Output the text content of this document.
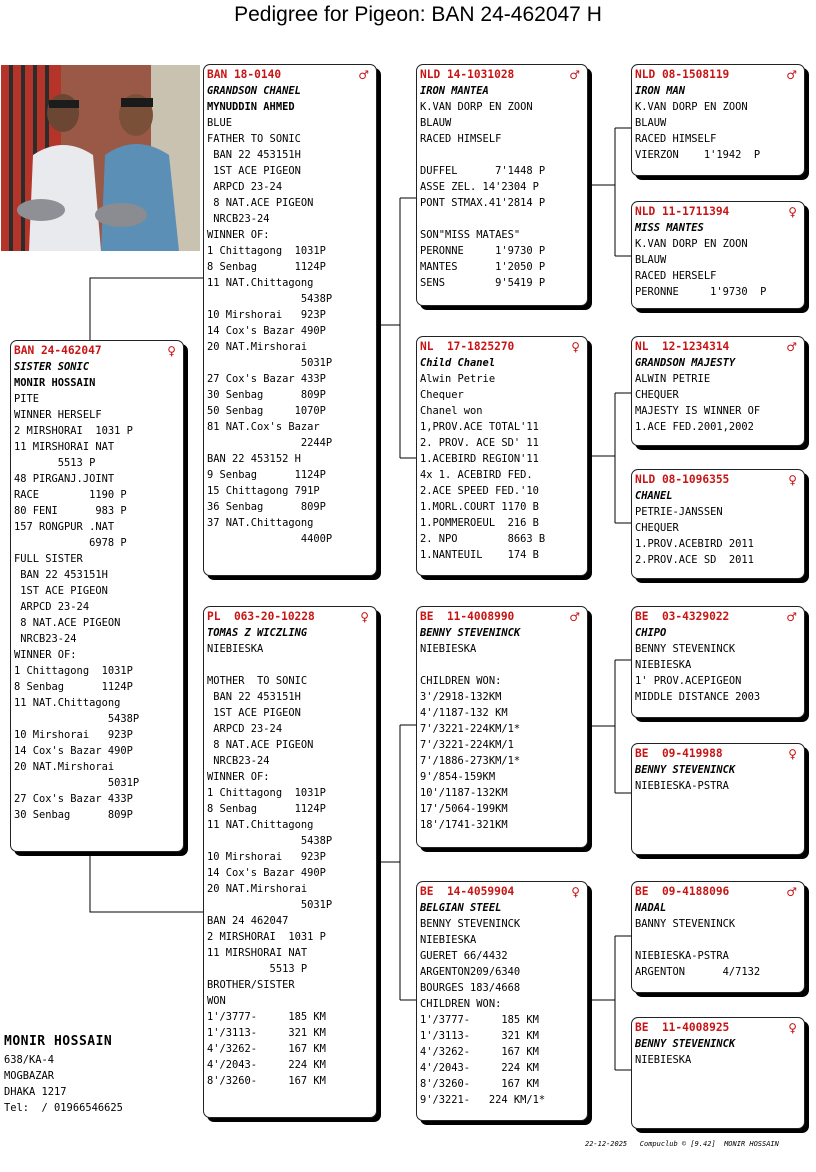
Pedigree for Pigeon: BAN 24-462047 H
BAN 24-462047	♀
SISTER SONIC
MONIR HOSSAIN
PITE
WINNER HERSELF
2 MIRSHORAI  1031 P
11 MIRSHORAI NAT
5513 P
48 PIRGANJ.JOINT
RACE        1190 P
80 FENI      983 P
157 RONGPUR .NAT
6978 P
FULL SISTER
BAN 22 453151H
1ST ACE PIGEON
ARPCD 23-24
8 NAT.ACE PIGEON
NRCB23-24
WINNER OF:
1 Chittagong  1031P
8 Senbag      1124P
11 NAT.Chittagong
5438P
10 Mirshorai   923P
14 Cox's Bazar 490P
20 NAT.Mirshorai
5031P
27 Cox's Bazar 433P
30 Senbag      809P
BAN 18-0140	♂
GRANDSON CHANEL
MYNUDDIN AHMED
BLUE
FATHER TO SONIC
BAN 22 453151H
1ST ACE PIGEON
ARPCD 23-24
8 NAT.ACE PIGEON
NRCB23-24
WINNER OF:
1 Chittagong  1031P
8 Senbag      1124P
11 NAT.Chittagong
5438P
10 Mirshorai   923P
14 Cox's Bazar 490P
20 NAT.Mirshorai
5031P
27 Cox's Bazar 433P
30 Senbag      809P
50 Senbag     1070P
81 NAT.Cox's Bazar
2244P
BAN 22 453152 H
9 Senbag      1124P
15 Chittagong 791P
36 Senbag      809P
37 NAT.Chittagong
4400P
PL  063-20-10228	♀
TOMAS Z WICZLING
NIEBIESKA
MOTHER  TO SONIC
BAN 22 453151H
1ST ACE PIGEON
ARPCD 23-24
8 NAT.ACE PIGEON
NRCB23-24
WINNER OF:
1 Chittagong  1031P
8 Senbag      1124P
11 NAT.Chittagong
5438P
10 Mirshorai   923P
14 Cox's Bazar 490P
20 NAT.Mirshorai
5031P
BAN 24 462047
2 MIRSHORAI  1031 P
11 MIRSHORAI NAT
5513 P
BROTHER/SISTER
WON
1'/3777-     185 KM
1'/3113-     321 KM
4'/3262-     167 KM
4'/2043-     224 KM
8'/3260-     167 KM
NLD 14-1031028	♂
IRON MANTEA
K.VAN DORP EN ZOON
BLAUW
RACED HIMSELF
DUFFEL      7'1448 P
ASSE ZEL. 14'2304 P
PONT STMAX.41'2814 P
SON"MISS MATAES"
PERONNE     1'9730 P
MANTES      1'2050 P
SENS        9'5419 P
NL  17-1825270	♀
Child Chanel
Alwin Petrie
Chequer
Chanel won
1,PROV.ACE TOTAL'11
2. PROV. ACE SD' 11
1.ACEBIRD REGION'11
4x 1. ACEBIRD FED.
2.ACE SPEED FED.'10
1.MORL.COURT 1170 B
1.POMMEROEUL  216 B
2. NPO        8663 B
1.NANTEUIL    174 B
BE  11-4008990	♂
BENNY STEVENINCK
NIEBIESKA
CHILDREN WON:
3'/2918-132KM
4'/1187-132 KM
7'/3221-224KM/1*
7'/3221-224KM/1
7'/1886-273KM/1*
9'/854-159KM
10'/1187-132KM
17'/5064-199KM
18'/1741-321KM
BE  14-4059904	♀
BELGIAN STEEL
BENNY STEVENINCK
NIEBIESKA
GUERET 66/4432
ARGENTON209/6340
BOURGES 183/4668
CHILDREN WON:
1'/3777-     185 KM
1'/3113-     321 KM
4'/3262-     167 KM
4'/2043-     224 KM
8'/3260-     167 KM
9'/3221-   224 KM/1*
NLD 08-1508119	♂
IRON MAN
K.VAN DORP EN ZOON
BLAUW
RACED HIMSELF
VIERZON    1'1942  P
NLD 11-1711394	♀
MISS MANTES
K.VAN DORP EN ZOON
BLAUW
RACED HERSELF
PERONNE     1'9730  P
NL  12-1234314	♂
GRANDSON MAJESTY
ALWIN PETRIE
CHEQUER
MAJESTY IS WINNER OF
1.ACE FED.2001,2002
NLD 08-1096355	♀
CHANEL
PETRIE-JANSSEN
CHEQUER
1.PROV.ACEBIRD 2011
2.PROV.ACE SD  2011
BE  03-4329022	♂
CHIPO
BENNY STEVENINCK
NIEBIESKA
1' PROV.ACEPIGEON
MIDDLE DISTANCE 2003
BE  09-419988	♀
BENNY STEVENINCK
NIEBIESKA-PSTRA
BE  09-4188096	♂
NADAL
BANNY STEVENINCK
NIEBIESKA-PSTRA
ARGENTON      4/7132
BE  11-4008925	♀
BENNY STEVENINCK
NIEBIESKA
MONIR HOSSAIN
638/KA-4
MOGBAZAR
DHAKA 1217
Tel:  / 01966546625
22-12-2025   Compuclub © [9.42]  MONIR HOSSAIN
